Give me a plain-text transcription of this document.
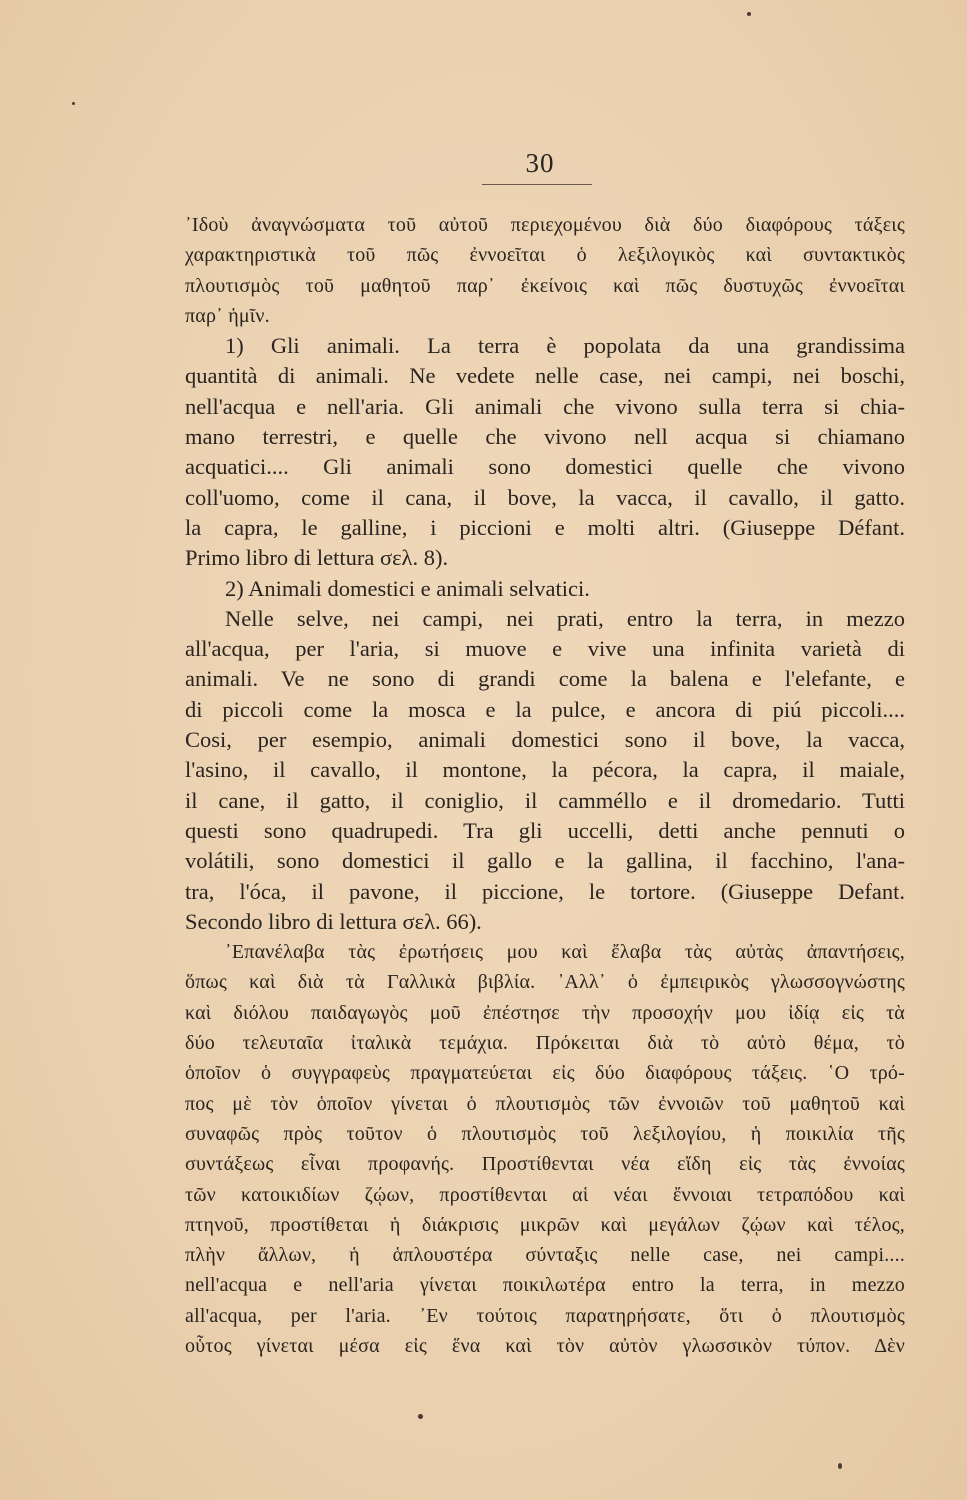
30
᾿Ιδοὺ ἀναγνώσματα τοῦ αὐτοῦ περιεχομένου διὰ δύο διαφόρους τάξεις
χαρακτηριστικὰ τοῦ πῶς ἐννοεῖται ὁ λεξιλογικὸς καὶ συντακτικὸς
πλουτισμὸς τοῦ μαθητοῦ παρ᾿ ἐκείνοις καὶ πῶς δυστυχῶς ἐννοεῖται
παρ᾿ ἡμῖν.
1) Gli animali. La terra è popolata da una grandissima
quantità di animali. Ne vedete nelle case, nei campi, nei boschi,
nell'acqua e nell'aria. Gli animali che vivono sulla terra si chia-
mano terrestri, e quelle che vivono nell acqua si chiamano
acquatici.... Gli animali sono domestici quelle che vivono
coll'uomo, come il cana, il bove, la vacca, il cavallo, il gatto.
la capra, le galline, i piccioni e molti altri. (Giuseppe Défant.
Primo libro di lettura σελ. 8).
2) Animali domestici e animali selvatici.
Nelle selve, nei campi, nei prati, entro la terra, in mezzo
all'acqua, per l'aria, si muove e vive una infinita varietà di
animali. Ve ne sono di grandi come la balena e l'elefante, e
di piccoli come la mosca e la pulce, e ancora di piú piccoli....
Cosi, per esempio, animali domestici sono il bove, la vacca,
l'asino, il cavallo, il montone, la pécora, la capra, il maiale,
il cane, il gatto, il coniglio, il camméllo e il dromedario. Tutti
questi sono quadrupedi. Tra gli uccelli, detti anche pennuti o
volátili, sono domestici il gallo e la gallina, il facchino, l'ana-
tra, l'óca, il pavone, il piccione, le tortore. (Giuseppe Defant.
Secondo libro di lettura σελ. 66).
᾿Επανέλαβα τὰς ἐρωτήσεις μου καὶ ἔλαβα τὰς αὐτὰς ἀπαντήσεις,
ὅπως καὶ διὰ τὰ Γαλλικὰ βιβλία. ᾿Αλλ᾿ ὁ ἐμπειρικὸς γλωσσογνώστης
καὶ διόλου παιδαγωγὸς μοῦ ἐπέστησε τὴν προσοχήν μου ἰδίᾳ εἰς τὰ
δύο τελευταῖα ἰταλικὰ τεμάχια. Πρόκειται διὰ τὸ αὐτὸ θέμα, τὸ
ὁποῖον ὁ συγγραφεὺς πραγματεύεται εἰς δύο διαφόρους τάξεις. ῾Ο τρό-
πος μὲ τὸν ὁποῖον γίνεται ὁ πλουτισμὸς τῶν ἐννοιῶν τοῦ μαθητοῦ καὶ
συναφῶς πρὸς τοῦτον ὁ πλουτισμὸς τοῦ λεξιλογίου, ἡ ποικιλία τῆς
συντάξεως εἶναι προφανής. Προστίθενται νέα εἴδη εἰς τὰς ἐννοίας
τῶν κατοικιδίων ζῴων, προστίθενται αἱ νέαι ἔννοιαι τετραπόδου καὶ
πτηνοῦ, προστίθεται ἡ διάκρισις μικρῶν καὶ μεγάλων ζῴων καὶ τέλος,
πλὴν ἄλλων, ἡ ἁπλουστέρα σύνταξις nelle case, nei campi....
nell'acqua e nell'aria γίνεται ποικιλωτέρα entro la terra, in mezzo
all'acqua, per l'aria. ᾿Εν τούτοις παρατηρήσατε, ὅτι ὁ πλουτισμὸς
οὗτος γίνεται μέσα εἰς ἕνα καὶ τὸν αὐτὸν γλωσσικὸν τύπον. Δὲν
